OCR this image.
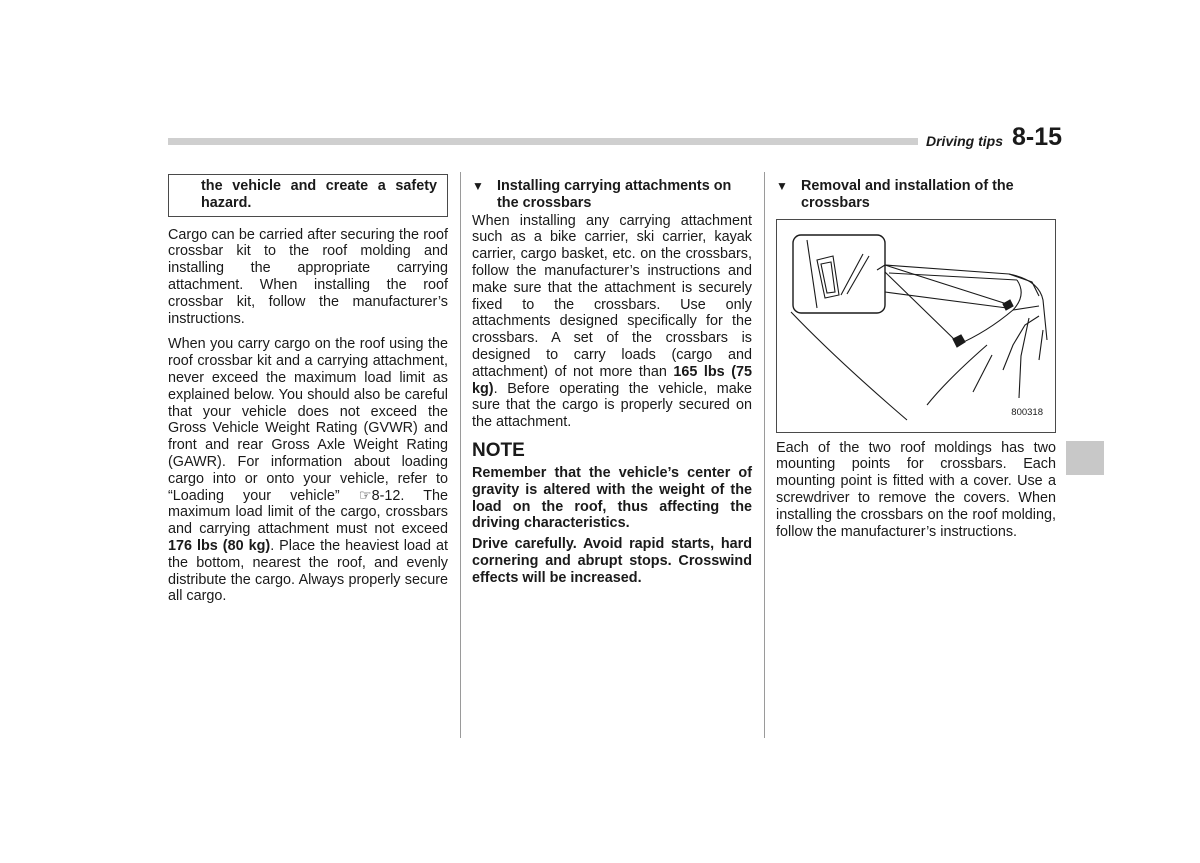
Driving tips 8-15
the vehicle and create a safety hazard.

Cargo can be carried after securing the roof crossbar kit to the roof molding and installing the appropriate carrying attachment. When installing the roof crossbar kit, follow the manufacturer’s instructions.

When you carry cargo on the roof using the roof crossbar kit and a carrying attachment, never exceed the maximum load limit as explained below. You should also be careful that your vehicle does not exceed the Gross Vehicle Weight Rating (GVWR) and front and rear Gross Axle Weight Rating (GAWR). For information about loading cargo into or onto your vehicle, refer to “Loading your vehicle” ☞8-12. The maximum load limit of the cargo, crossbars and carrying attachment must not exceed 176 lbs (80 kg). Place the heaviest load at the bottom, nearest the roof, and evenly distribute the cargo. Always properly secure all cargo.

▼ Installing carrying attachments on the crossbars

When installing any carrying attachment such as a bike carrier, ski carrier, kayak carrier, cargo basket, etc. on the crossbars, follow the manufacturer’s instructions and make sure that the attachment is securely fixed to the crossbars. Use only attachments designed specifically for the crossbars. A set of the crossbars is designed to carry loads (cargo and attachment) of not more than 165 lbs (75 kg). Before operating the vehicle, make sure that the cargo is properly secured on the attachment.

NOTE

Remember that the vehicle’s center of gravity is altered with the weight of the load on the roof, thus affecting the driving characteristics.

Drive carefully. Avoid rapid starts, hard cornering and abrupt stops. Crosswind effects will be increased.

▼ Removal and installation of the crossbars
800318

Each of the two roof moldings has two mounting points for crossbars. Each mounting point is fitted with a cover. Use a screwdriver to remove the covers. When installing the crossbars on the roof molding, follow the manufacturer’s instructions.
